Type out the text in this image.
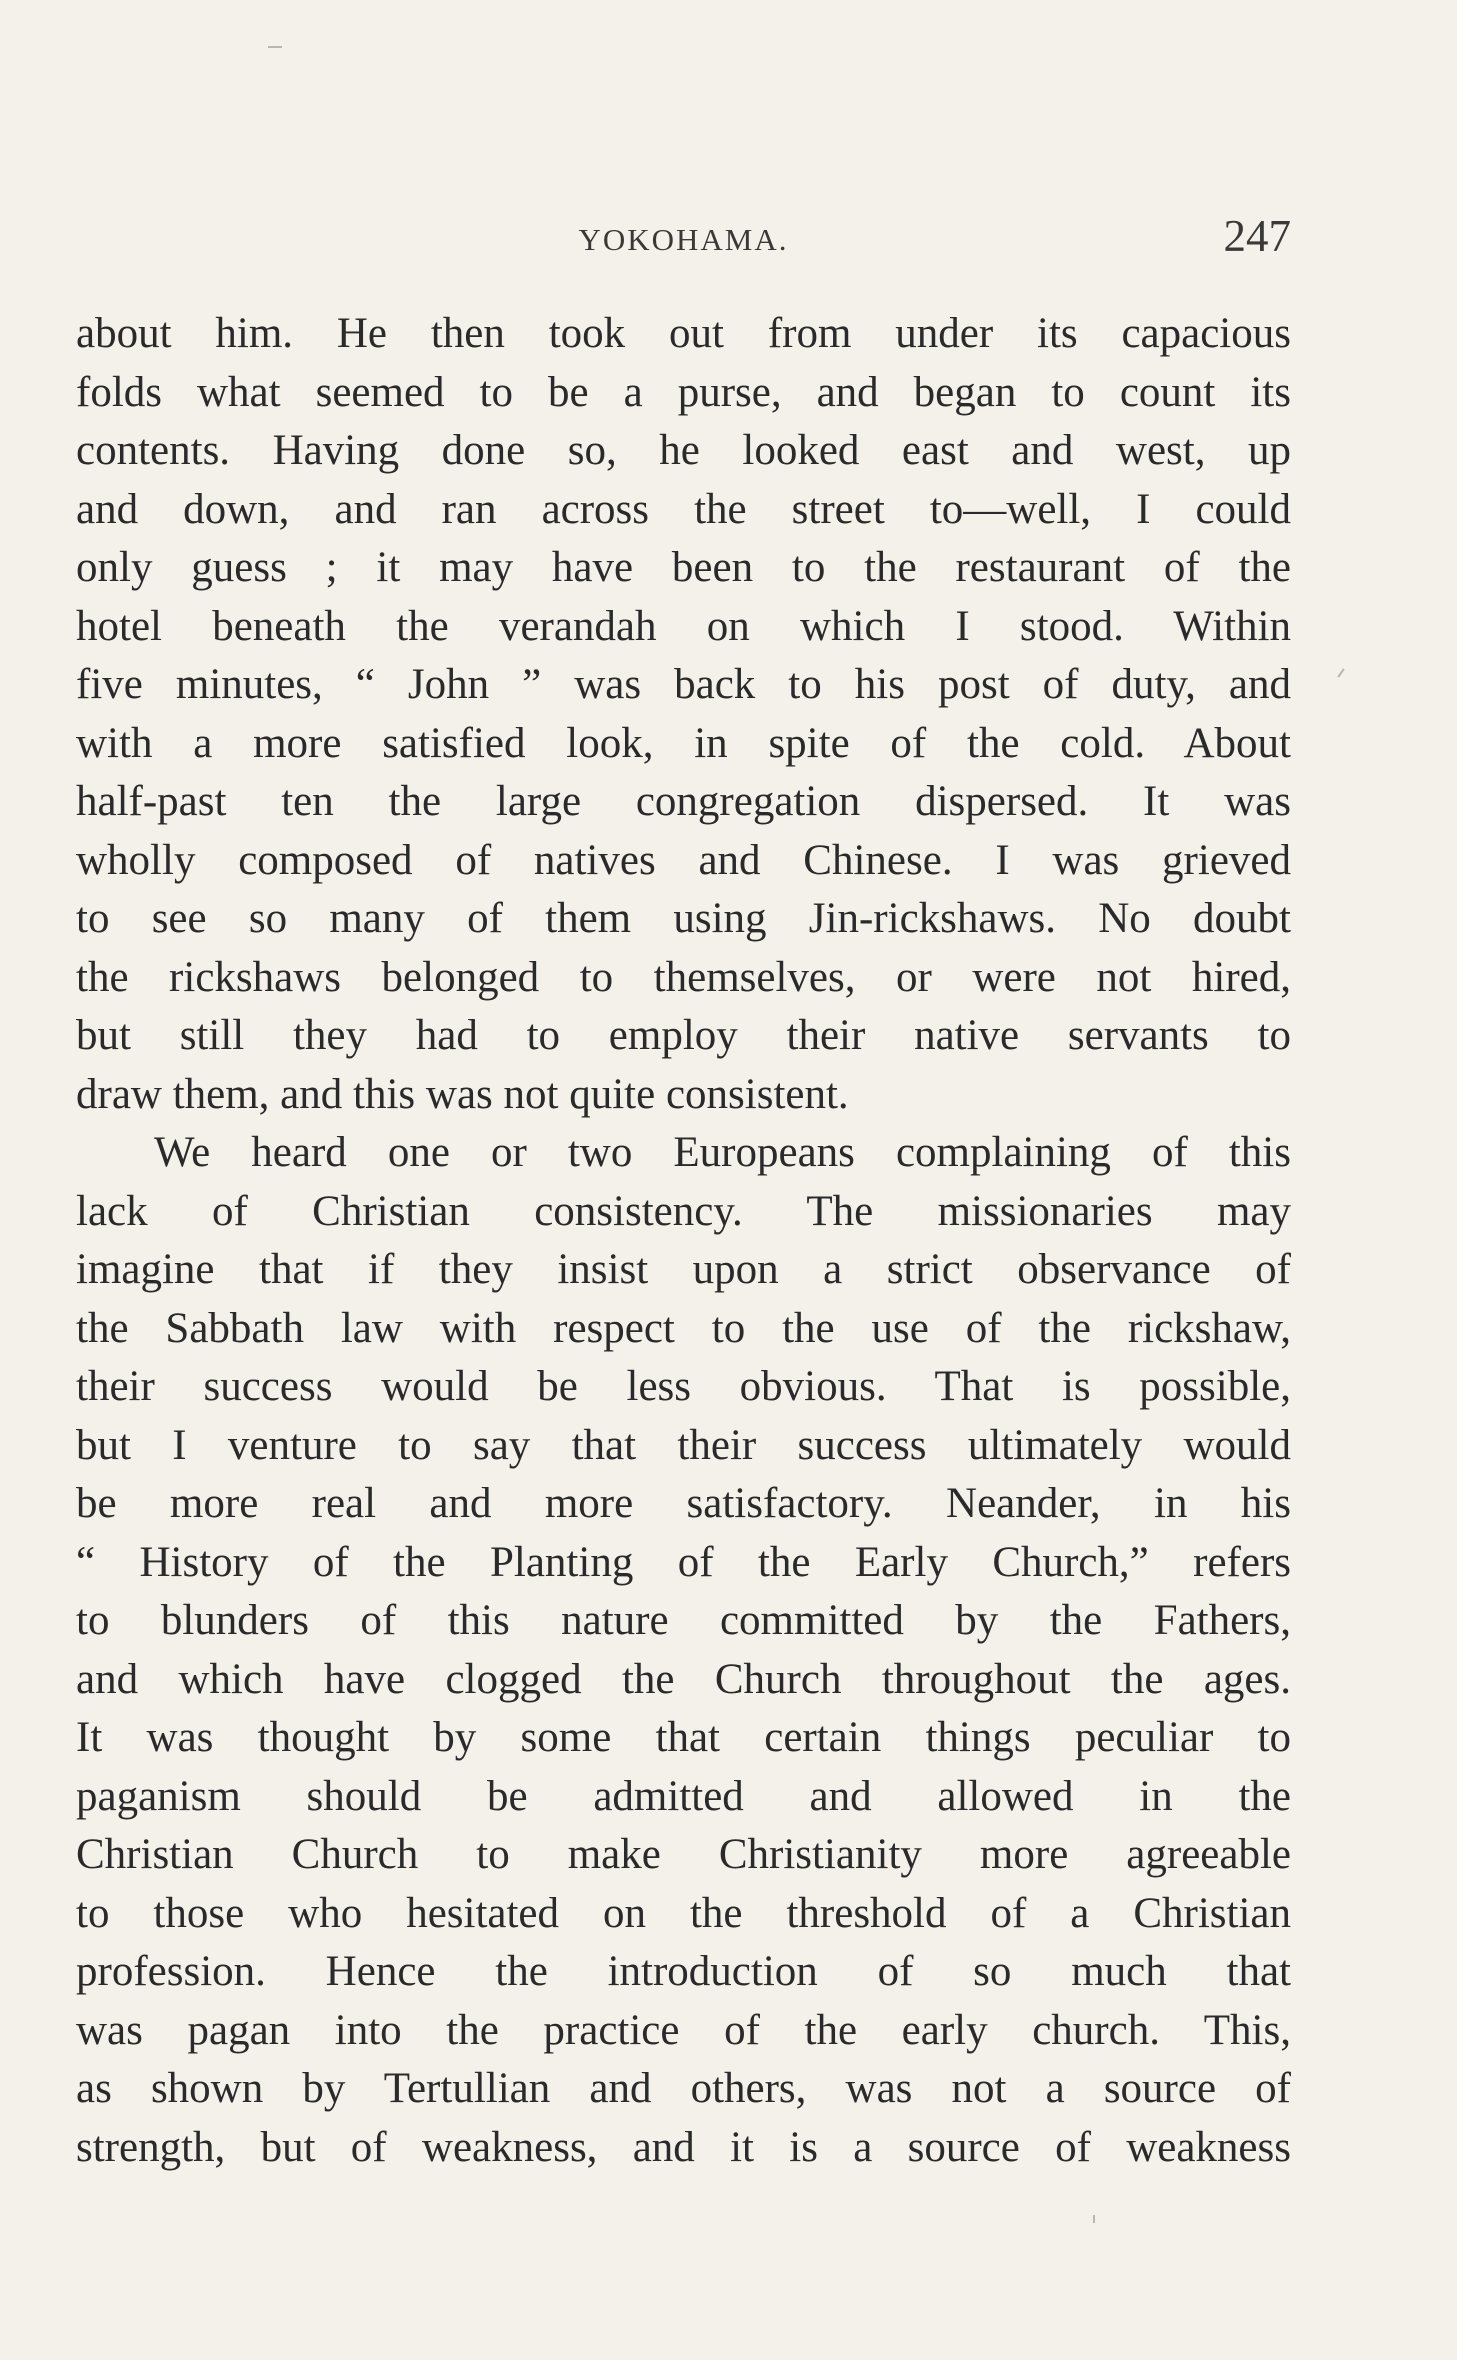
YOKOHAMA.	247
about him. He then took out from under its capacious
folds what seemed to be a purse, and began to count its
contents. Having done so, he looked east and west, up
and down, and ran across the street to—well, I could
only guess ; it may have been to the restaurant of the
hotel beneath the verandah on which I stood. Within
five minutes, “ John ” was back to his post of duty, and
with a more satisfied look, in spite of the cold. About
half-past ten the large congregation dispersed. It was
wholly composed of natives and Chinese. I was grieved
to see so many of them using Jin-rickshaws. No doubt
the rickshaws belonged to themselves, or were not hired,
but still they had to employ their native servants to
draw them, and this was not quite consistent.
We heard one or two Europeans complaining of this
lack of Christian consistency. The missionaries may
imagine that if they insist upon a strict observance of
the Sabbath law with respect to the use of the rickshaw,
their success would be less obvious. That is possible,
but I venture to say that their success ultimately would
be more real and more satisfactory. Neander, in his
“ History of the Planting of the Early Church,” refers
to blunders of this nature committed by the Fathers,
and which have clogged the Church throughout the ages.
It was thought by some that certain things peculiar to
paganism should be admitted and allowed in the
Christian Church to make Christianity more agreeable
to those who hesitated on the threshold of a Christian
profession. Hence the introduction of so much that
was pagan into the practice of the early church. This,
as shown by Tertullian and others, was not a source of
strength, but of weakness, and it is a source of weakness
